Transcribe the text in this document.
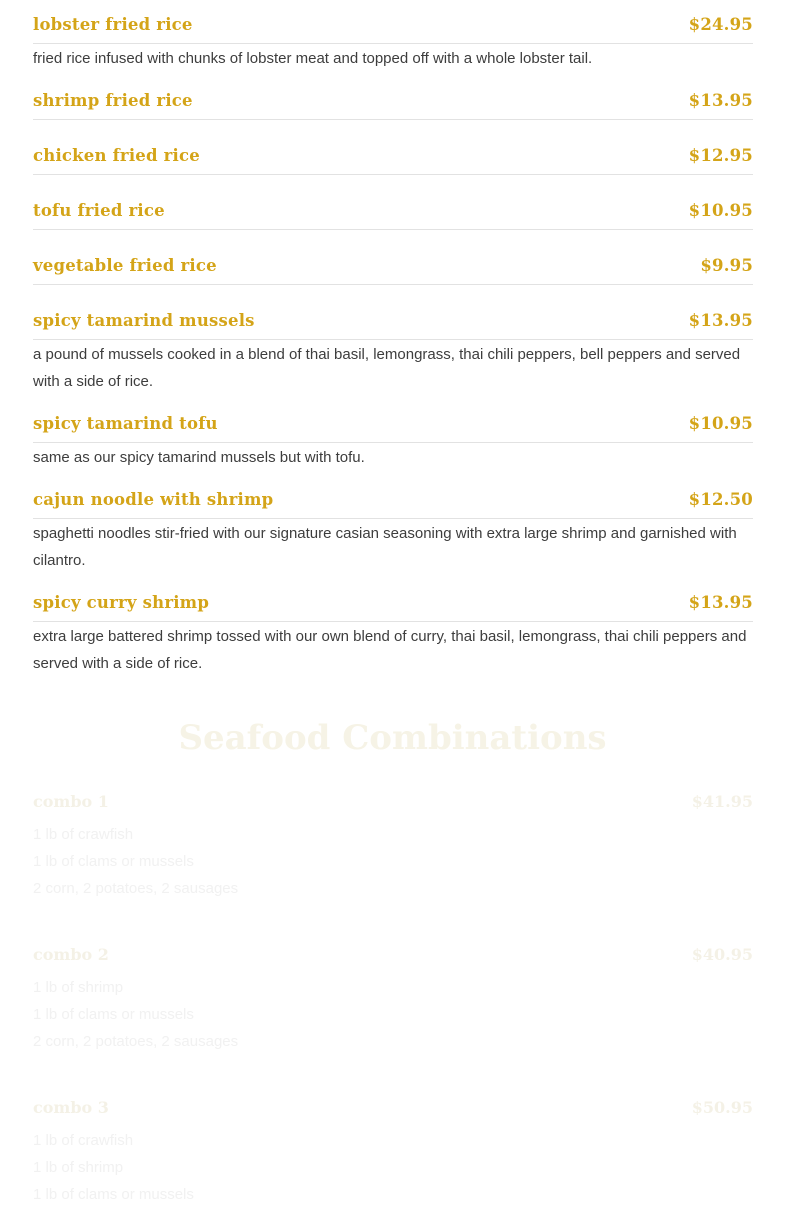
lobster fried rice	$24.95
fried rice infused with chunks of lobster meat and topped off with a whole lobster tail.
shrimp fried rice	$13.95
chicken fried rice	$12.95
tofu fried rice	$10.95
vegetable fried rice	$9.95
spicy tamarind mussels	$13.95
a pound of mussels cooked in a blend of thai basil, lemongrass, thai chili peppers, bell peppers and served with a side of rice.
spicy tamarind tofu	$10.95
same as our spicy tamarind mussels but with tofu.
cajun noodle with shrimp	$12.50
spaghetti noodles stir-fried with our signature casian seasoning with extra large shrimp and garnished with cilantro.
spicy curry shrimp	$13.95
extra large battered shrimp tossed with our own blend of curry, thai basil, lemongrass, thai chili peppers and served with a side of rice.
Seafood Combinations
combo 1	$41.95
1 lb of crawfish
1 lb of clams or mussels
2 corn, 2 potatoes, 2 sausages
combo 2	$40.95
1 lb of shrimp
1 lb of clams or mussels
2 corn, 2 potatoes, 2 sausages
combo 3	$50.95
1 lb of crawfish
1 lb of shrimp
1 lb of clams or mussels
